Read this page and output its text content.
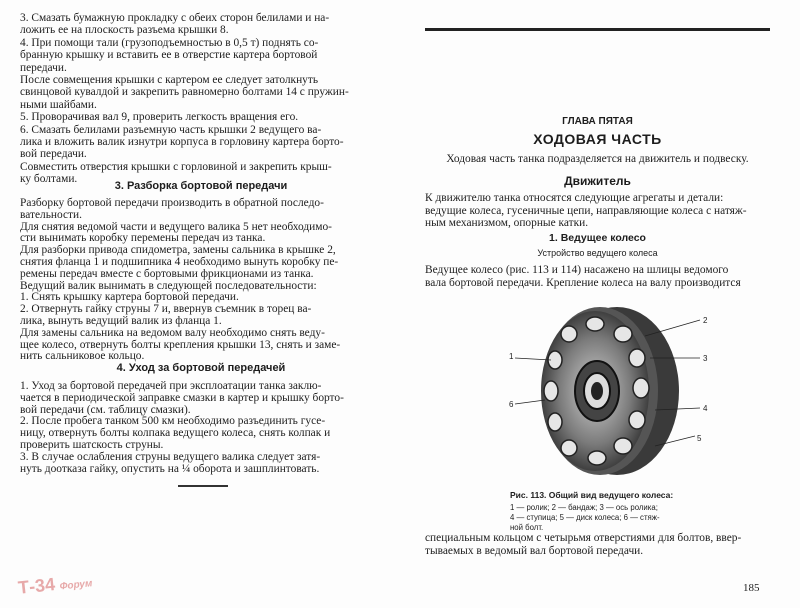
3. Смазать бумажную прокладку с обеих сторон белилами и на-
ложить ее на плоскость разъема крышки 8.
4. При помощи тали (грузоподъемностью в 0,5 т) поднять со-
бранную крышку и вставить ее в отверстие картера бортовой
передачи.
После совмещения крышки с картером ее следует затолкнуть
свинцовой кувалдой и закрепить равномерно болтами 14 с пружин-
ными шайбами.
5. Проворачивая вал 9, проверить легкость вращения его.
6. Смазать белилами разъемную часть крышки 2 ведущего ва-
лика и вложить валик изнутри корпуса в горловину картера борто-
вой передачи.
Совместить отверстия крышки с горловиной и закрепить крыш-
ку болтами.
3. Разборка бортовой передачи
Разборку бортовой передачи производить в обратной последо-
вательности.
Для снятия ведомой части и ведущего валика 5 нет необходимо-
сти вынимать коробку перемены передач из танка.
Для разборки привода спидометра, замены сальника в крышке 2,
снятия фланца 1 и подшипника 4 необходимо вынуть коробку пе-
ремены передач вместе с бортовыми фрикционами из танка.
Ведущий валик вынимать в следующей последовательности:
1. Снять крышку картера бортовой передачи.
2. Отвернуть гайку струны 7 и, ввернув съемник в торец ва-
лика, вынуть ведущий валик из фланца 1.
Для замены сальника на ведомом валу необходимо снять веду-
щее колесо, отвернуть болты крепления крышки 13, снять и заме-
нить сальниковое кольцо.
4. Уход за бортовой передачей
1. Уход за бортовой передачей при эксплоатации танка заклю-
чается в периодической заправке смазки в картер и крышку борто-
вой передачи (см. таблицу смазки).
2. После пробега танком 500 км необходимо разъединить гусе-
ницу, отвернуть болты колпака ведущего колеса, снять колпак и
проверить шатскость струны.
3. В случае ослабления струны ведущего валика следует затя-
нуть доотказа гайку, опустить на ¼ оборота и зашплинтовать.
ГЛАВА ПЯТАЯ
ХОДОВАЯ ЧАСТЬ
Ходовая часть танка подразделяется на движитель и подвеску.
Движитель
К движителю танка относятся следующие агрегаты и детали:
ведущие колеса, гусеничные цепи, направляющие колеса с натяж-
ным механизмом, опорные катки.
1. Ведущее колесо
Устройство ведущего колеса
Ведущее колесо (рис. 113 и 114) насажено на шлицы ведомого
вала бортовой передачи. Крепление колеса на валу производится
1
2
3
4
5
6
Рис. 113. Общий вид ведущего колеса:
1 — ролик; 2 — бандаж; 3 — ось ролика;
4 — ступица; 5 — диск колеса; 6 — стяж-
ной болт.
специальным кольцом с четырьмя отверстиями для болтов, ввер-
тываемых в ведомый вал бортовой передачи.
185
Т-34 Форум
